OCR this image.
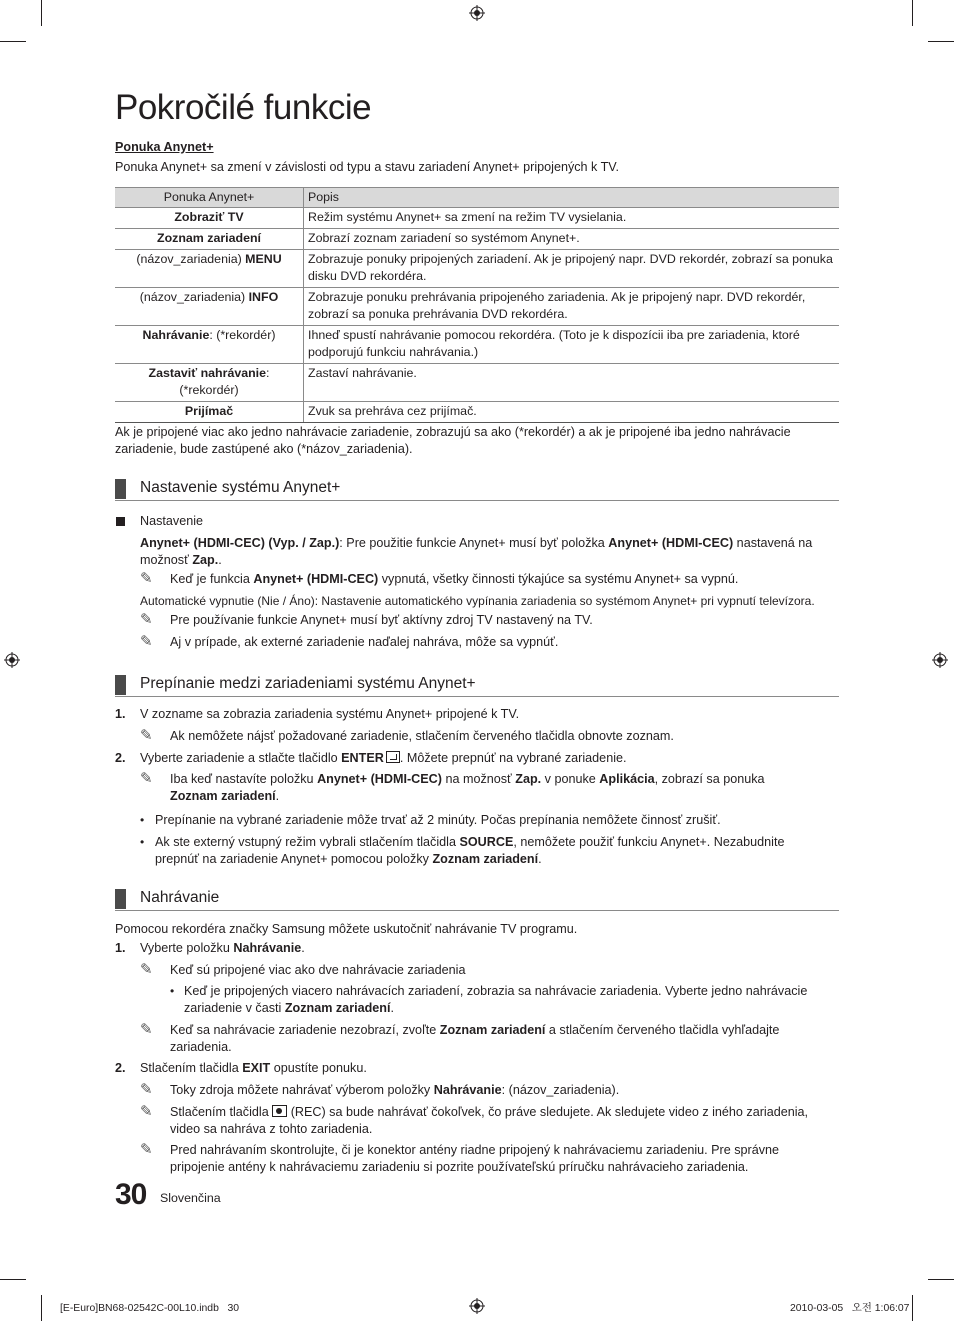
Pokročilé funkcie
Ponuka Anynet+
Ponuka Anynet+ sa zmení v závislosti od typu a stavu zariadení Anynet+ pripojených k TV.
Ponuka Anynet+	Popis
Zobraziť TV	Režim systému Anynet+ sa zmení na režim TV vysielania.
Zoznam zariadení	Zobrazí zoznam zariadení so systémom Anynet+.
(názov_zariadenia) MENU	Zobrazuje ponuky pripojených zariadení. Ak je pripojený napr. DVD rekordér, zobrazí sa ponuka disku DVD rekordéra.
(názov_zariadenia) INFO	Zobrazuje ponuku prehrávania pripojeného zariadenia. Ak je pripojený napr. DVD rekordér, zobrazí sa ponuka prehrávania DVD rekordéra.
Nahrávanie: (*rekordér)	Ihneď spustí nahrávanie pomocou rekordéra. (Toto je k dispozícii iba pre zariadenia, ktoré podporujú funkciu nahrávania.)
Zastaviť nahrávanie:
(*rekordér)	Zastaví nahrávanie.
Prijímač	Zvuk sa prehráva cez prijímač.
Ak je pripojené viac ako jedno nahrávacie zariadenie, zobrazujú sa ako (*rekordér) a ak je pripojené iba jedno nahrávacie zariadenie, bude zastúpené ako (*názov_zariadenia).
Nastavenie systému Anynet+
Nastavenie
Anynet+ (HDMI-CEC) (Vyp. / Zap.): Pre použitie funkcie Anynet+ musí byť položka Anynet+ (HDMI-CEC) nastavená na možnosť Zap..
✎	Keď je funkcia Anynet+ (HDMI-CEC) vypnutá, všetky činnosti týkajúce sa systému Anynet+ sa vypnú.
Automatické vypnutie (Nie / Áno): Nastavenie automatického vypínania zariadenia so systémom Anynet+ pri vypnutí televízora.
✎	Pre používanie funkcie Anynet+ musí byť aktívny zdroj TV nastavený na TV.
✎	Aj v prípade, ak externé zariadenie naďalej nahráva, môže sa vypnúť.
Prepínanie medzi zariadeniami systému Anynet+
1. V zozname sa zobrazia zariadenia systému Anynet+ pripojené k TV.
✎	Ak nemôžete nájsť požadované zariadenie, stlačením červeného tlačidla obnovte zoznam.
2. Vyberte zariadenie a stlačte tlačidlo ENTER . Môžete prepnúť na vybrané zariadenie.
✎	Iba keď nastavíte položku Anynet+ (HDMI-CEC) na možnosť Zap. v ponuke Aplikácia, zobrazí sa ponuka
Zoznam zariadení.
• Prepínanie na vybrané zariadenie môže trvať až 2 minúty. Počas prepínania nemôžete činnosť zrušiť.
• Ak ste externý vstupný režim vybrali stlačením tlačidla SOURCE, nemôžete použiť funkciu Anynet+. Nezabudnite
prepnúť na zariadenie Anynet+ pomocou položky Zoznam zariadení.
Nahrávanie
Pomocou rekordéra značky Samsung môžete uskutočniť nahrávanie TV programu.
1. Vyberte položku Nahrávanie.
✎	Keď sú pripojené viac ako dve nahrávacie zariadenia
• Keď je pripojených viacero nahrávacích zariadení, zobrazia sa nahrávacie zariadenia. Vyberte jedno nahrávacie
zariadenie v časti Zoznam zariadení.
✎	Keď sa nahrávacie zariadenie nezobrazí, zvoľte Zoznam zariadení a stlačením červeného tlačidla vyhľadajte
zariadenia.
2. Stlačením tlačidla EXIT opustíte ponuku.
✎	Toky zdroja môžete nahrávať výberom položky Nahrávanie: (názov_zariadenia).
✎	Stlačením tlačidla  (REC) sa bude nahrávať čokoľvek, čo práve sledujete. Ak sledujete video z iného zariadenia,
video sa nahráva z tohto zariadenia.
✎	Pred nahrávaním skontrolujte, či je konektor antény riadne pripojený k nahrávaciemu zariadeniu. Pre správne
pripojenie antény k nahrávaciemu zariadeniu si pozrite používateľskú príručku nahrávacieho zariadenia.
30 Slovenčina
[E-Euro]BN68-02542C-00L10.indb   30	2010-03-05   오전 1:06:07
